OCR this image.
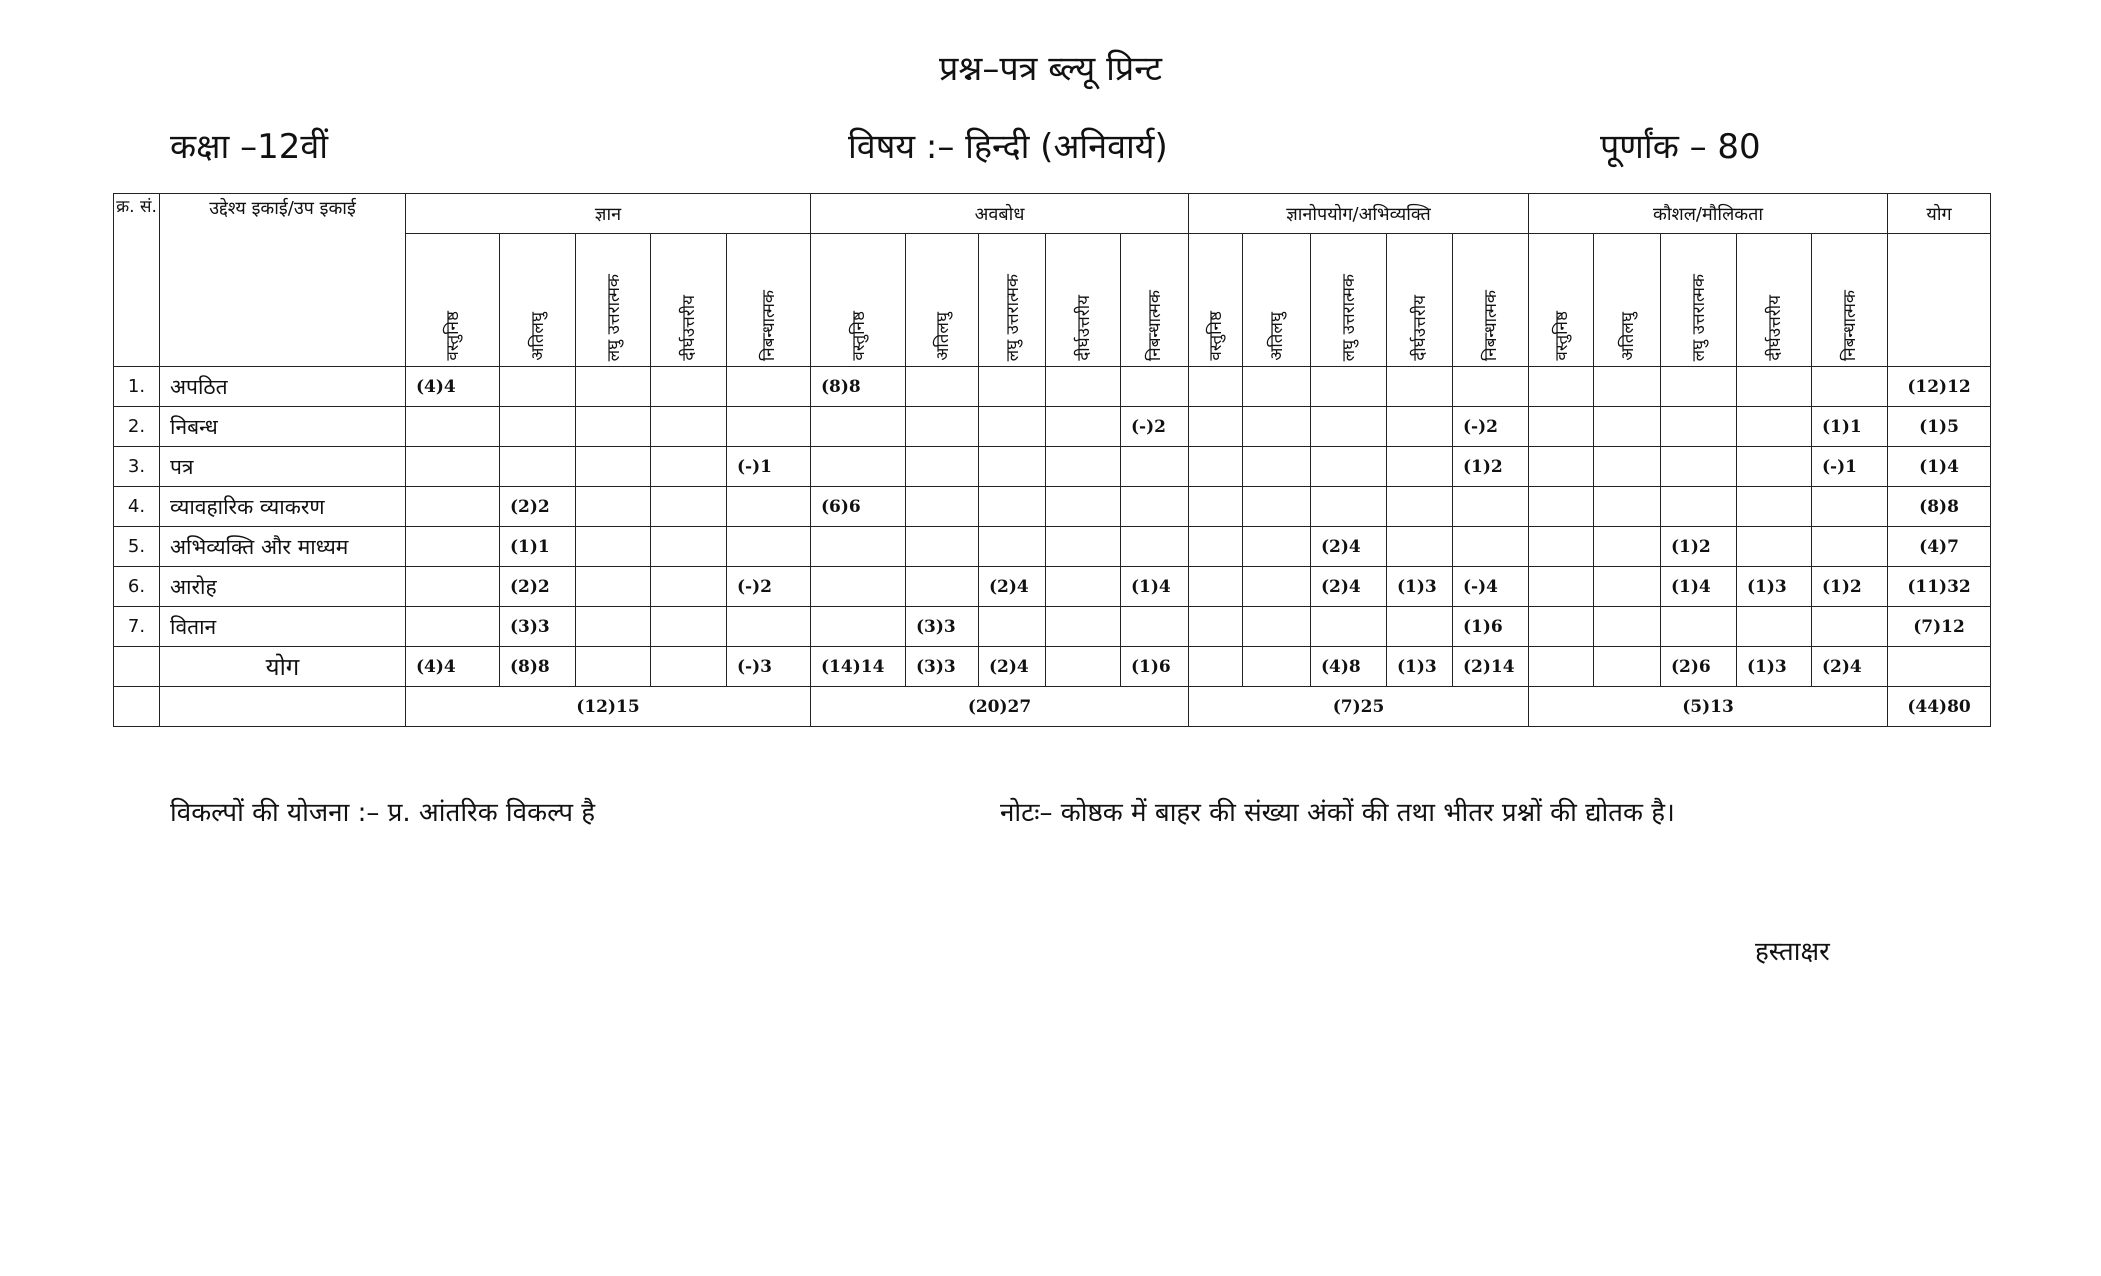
प्रश्न–पत्र ब्ल्यू प्रिन्ट
कक्षा –12वीं	विषय :– हिन्दी (अनिवार्य)	पूर्णांक – 80
क्र. सं.	उद्देश्य इकाई/उप इकाई	ज्ञान					अवबोध					ज्ञानोपयोग/अभिव्यक्ति					कौशल/मौलिकता					योग
		वस्तुनिष्ठ	अतिलघु	लघु उत्तरात्मक	दीर्घउत्तरीय	निबन्धात्मक	वस्तुनिष्ठ	अतिलघु	लघु उत्तरात्मक	दीर्घउत्तरीय	निबन्धात्मक	वस्तुनिष्ठ	अतिलघु	लघु उत्तरात्मक	दीर्घउत्तरीय	निबन्धात्मक	वस्तुनिष्ठ	अतिलघु	लघु उत्तरात्मक	दीर्घउत्तरीय	निबन्धात्मक	
1.	अपठित	(4)4					(8)8															(12)12
2.	निबन्ध										(-)2					(-)2					(1)1	(1)5
3.	पत्र					(-)1										(1)2					(-)1	(1)4
4.	व्यावहारिक व्याकरण		(2)2				(6)6															(8)8
5.	अभिव्यक्ति और माध्यम		(1)1											(2)4					(1)2			(4)7
6.	आरोह		(2)2			(-)2			(2)4		(1)4			(2)4	(1)3	(-)4			(1)4	(1)3	(1)2	(11)32
7.	वितान		(3)3					(3)3								(1)6						(7)12
	योग	(4)4	(8)8			(-)3	(14)14	(3)3	(2)4		(1)6			(4)8	(1)3	(2)14			(2)6	(1)3	(2)4	
		(12)15					(20)27					(7)25					(5)13					(44)80
विकल्पों की योजना :– प्र. आंतरिक विकल्प है	नोटः– कोष्ठक में बाहर की संख्या अंकों की तथा भीतर प्रश्नों की द्योतक है।
हस्ताक्षर
